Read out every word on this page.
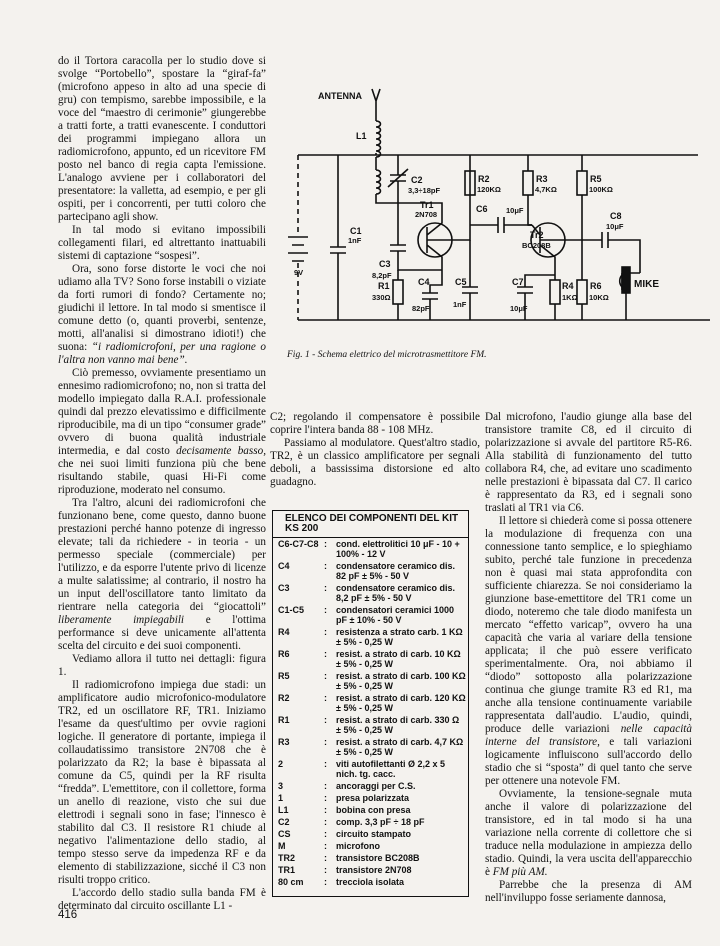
do il Tortora caracolla per lo studio dove si svolge “Portobello”, spostare la “giraf-fa” (microfono appeso in alto ad una specie di gru) con tempismo, sarebbe impossibile, e la voce del “maestro di cerimonie” giungerebbe a tratti forte, a tratti evanescente. I conduttori dei programmi impiegano allora un radiomicrofono, appunto, ed un ricevitore FM posto nel banco di regia capta l'emissione. L'analogo avviene per i collaboratori del presentatore: la valletta, ad esempio, e per gli ospiti, per i concorrenti, per tutti coloro che partecipano agli show.

In tal modo si evitano impossibili collegamenti filari, ed altrettanto inattuabili sistemi di captazione “sospesi”.

Ora, sono forse distorte le voci che noi udiamo alla TV? Sono forse instabili o viziate da forti rumori di fondo? Certamente no; giudichi il lettore. In tal modo si smentisce il comune detto (o, quanti proverbi, sentenze, motti, all'analisi si dimostrano idioti!) che suona: “i radiomicrofoni, per una ragione o l'altra non vanno mai bene”.

Ciò premesso, ovviamente presentiamo un ennesimo radiomicrofono; no, non si tratta del modello impiegato dalla R.A.I. professionale quindi dal prezzo elevatissimo e difficilmente riproducibile, ma di un tipo “consumer grade” ovvero di buona qualità industriale intermedia, e dal costo decisamente basso, che nei suoi limiti funziona più che bene risultando stabile, quasi Hi-Fi come riproduzione, moderato nel consumo.

Tra l'altro, alcuni dei radiomicrofoni che funzionano bene, come questo, danno buone prestazioni perché hanno potenze di ingresso elevate; tali da richiedere - in teoria - un permesso speciale (commerciale) per l'utilizzo, e da esporre l'utente privo di licenze a multe salatissime; al contrario, il nostro ha un input dell'oscillatore tanto limitato da rientrare nella categoria dei “giocattoli” liberamente impiegabili e l'ottima performance si deve unicamente all'attenta scelta del circuito e dei suoi componenti.

Vediamo allora il tutto nei dettagli: figura 1.

Il radiomicrofono impiega due stadi: un amplificatore audio microfonico-modulatore TR2, ed un oscillatore RF, TR1. Iniziamo l'esame da quest'ultimo per ovvie ragioni logiche. Il generatore di portante, impiega il collaudatissimo transistore 2N708 che è polarizzato da R2; la base è bipassata al comune da C5, quindi per la RF risulta “fredda”. L'emettitore, con il collettore, forma un anello di reazione, visto che sui due elettrodi i segnali sono in fase; l'innesco è stabilito dal C3. Il resistore R1 chiude al negativo l'alimentazione dello stadio, al tempo stesso serve da impedenza RF e da elemento di stabilizzazione, sicché il C3 non risulti troppo critico.

L'accordo dello stadio sulla banda FM è determinato dal circuito oscillante L1 -

ANTENNA
L1
C2
3,3÷18pF
Tr1
2N708
C1
1nF
9V
C3
8,2pF
R1
330Ω
C4
82pF
C5
1nF
R2
120KΩ
R3
4,7KΩ
R5
100KΩ
C6 10μF
C7
10μF
Tr2
BC208B
C8
10μF
R4
1KΩ
R6
10KΩ
MIKE
Fig. 1 - Schema elettrico del microtrasmettitore FM.

C2; regolando il compensatore è possibile coprire l'intera banda 88 - 108 MHz.

Passiamo al modulatore. Quest'altro stadio, TR2, è un classico amplificatore per segnali deboli, a bassissima distorsione ed alto guadagno.

ELENCO DEI COMPONENTI DEL KIT KS 200
C6-C7-C8	:	cond. elettrolitici 10 μF - 10 + 100% - 12 V
C4	:	condensatore ceramico dis. 82 pF ± 5% - 50 V
C3	:	condensatore ceramico dis. 8,2 pF ± 5% - 50 V
C1-C5	:	condensatori ceramici 1000 pF ± 10% - 50 V
R4	:	resistenza a strato carb. 1 KΩ ± 5% - 0,25 W
R6	:	resist. a strato di carb. 10 KΩ ± 5% - 0,25 W
R5	:	resist. a strato di carb. 100 KΩ ± 5% - 0,25 W
R2	:	resist. a strato di carb. 120 KΩ ± 5% - 0,25 W
R1	:	resist. a strato di carb. 330 Ω ± 5% - 0,25 W
R3	:	resist. a strato di carb. 4,7 KΩ ± 5% - 0,25 W
2	:	viti autofilettanti Ø 2,2 x 5 nich. tg. cacc.
3	:	ancoraggi per C.S.
1	:	presa polarizzata
L1	:	bobina con presa
C2	:	comp. 3,3 pF ÷ 18 pF
CS	:	circuito stampato
M	:	microfono
TR2	:	transistore BC208B
TR1	:	transistore 2N708
80 cm	:	trecciola isolata

Dal microfono, l'audio giunge alla base del transistore tramite C8, ed il circuito di polarizzazione si avvale del partitore R5-R6. Alla stabilità di funzionamento del tutto collabora R4, che, ad evitare uno scadimento nelle prestazioni è bipassata dal C7. Il carico è rappresentato da R3, ed i segnali sono traslati al TR1 via C6.

Il lettore si chiederà come si possa ottenere la modulazione di frequenza con una connessione tanto semplice, e lo spieghiamo subito, perché tale funzione in precedenza non è quasi mai stata approfondita con sufficiente chiarezza. Se noi consideriamo la giunzione base-emettitore del TR1 come un diodo, noteremo che tale diodo manifesta un mercato “effetto varicap”, ovvero ha una capacità che varia al variare della tensione applicata; il che può essere verificato sperimentalmente. Ora, noi abbiamo il “diodo” sottoposto alla polarizzazione continua che giunge tramite R3 ed R1, ma anche alla tensione continuamente variabile rappresentata dall'audio. L'audio, quindi, produce delle variazioni nelle capacità interne del transistore, e tali variazioni logicamente influiscono sull'accordo dello stadio che si “sposta” di quel tanto che serve per ottenere una notevole FM.

Ovviamente, la tensione-segnale muta anche il valore di polarizzazione del transistore, ed in tal modo si ha una variazione nella corrente di collettore che si traduce nella modulazione in ampiezza dello stadio. Quindi, la vera uscita dell'apparecchio è FM più AM.

Parrebbe che la presenza di AM nell'inviluppo fosse seriamente dannosa,

416
